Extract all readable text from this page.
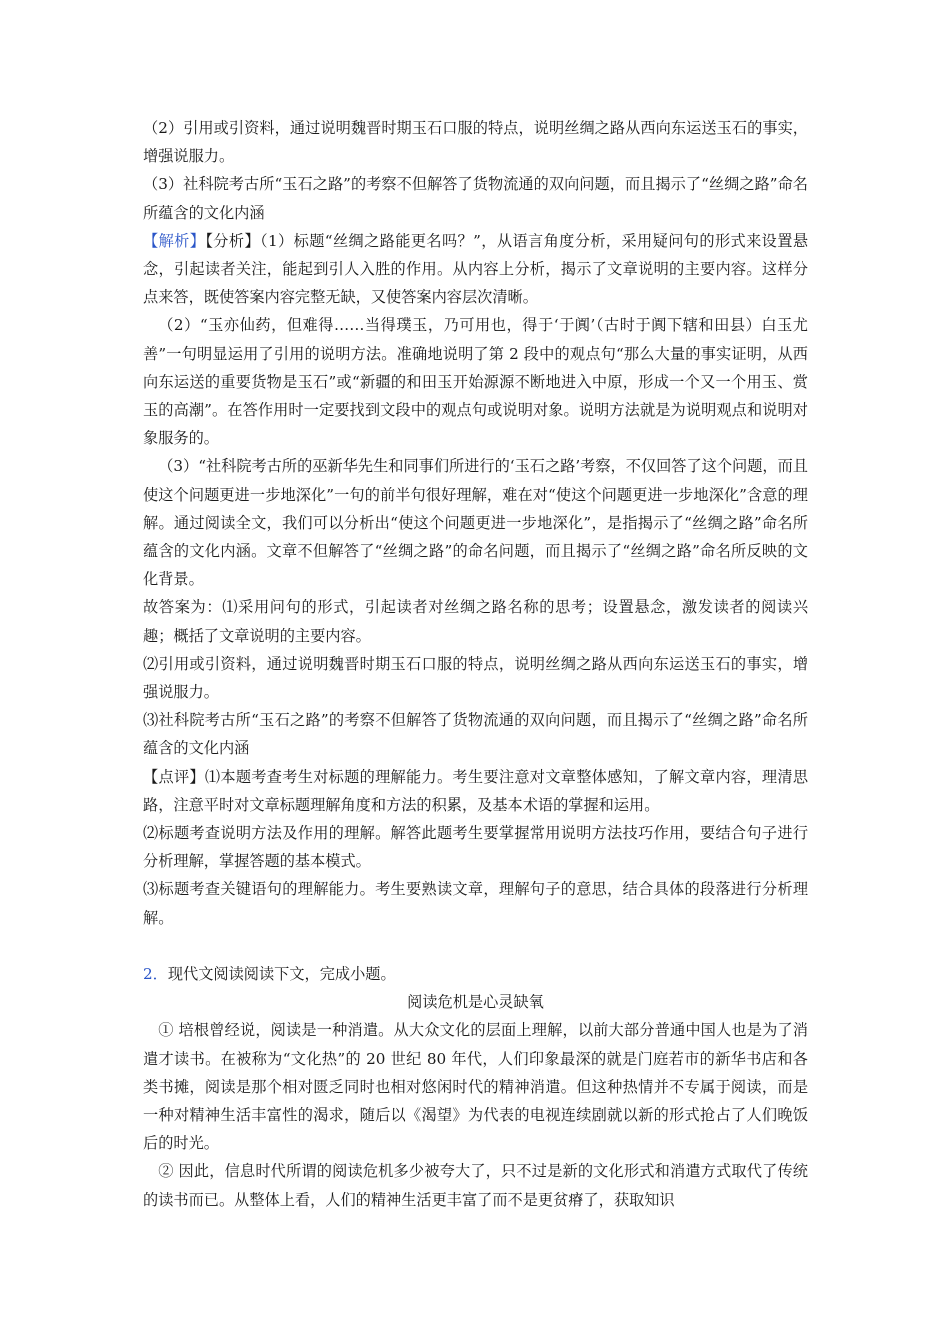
（2）引用或引资料，通过说明魏晋时期玉石口服的特点，说明丝绸之路从西向东运送玉石的事实，增强说服力。

（3）社科院考古所“玉石之路”的考察不但解答了货物流通的双向问题，而且揭示了“丝绸之路”命名所蕴含的文化内涵

【解析】【分析】（1）标题“丝绸之路能更名吗？”，从语言角度分析，采用疑问句的形式来设置悬念，引起读者关注，能起到引人入胜的作用。从内容上分析，揭示了文章说明的主要内容。这样分点来答，既使答案内容完整无缺，又使答案内容层次清晰。

（2）“玉亦仙药，但难得……当得璞玉，乃可用也，得于‘于阗’（古时于阗下辖和田县）白玉尤善”一句明显运用了引用的说明方法。准确地说明了第 2 段中的观点句“那么大量的事实证明，从西向东运送的重要货物是玉石”或“新疆的和田玉开始源源不断地进入中原，形成一个又一个用玉、赏玉的高潮”。在答作用时一定要找到文段中的观点句或说明对象。说明方法就是为说明观点和说明对象服务的。

（3）“社科院考古所的巫新华先生和同事们所进行的‘玉石之路’考察，不仅回答了这个问题，而且使这个问题更进一步地深化”一句的前半句很好理解，难在对“使这个问题更进一步地深化”含意的理解。通过阅读全文，我们可以分析出“使这个问题更进一步地深化”，是指揭示了“丝绸之路”命名所蕴含的文化内涵。文章不但解答了“丝绸之路”的命名问题，而且揭示了“丝绸之路”命名所反映的文化背景。

故答案为：⑴采用问句的形式，引起读者对丝绸之路名称的思考；设置悬念，激发读者的阅读兴趣；概括了文章说明的主要内容。

⑵引用或引资料，通过说明魏晋时期玉石口服的特点，说明丝绸之路从西向东运送玉石的事实，增强说服力。

⑶社科院考古所“玉石之路”的考察不但解答了货物流通的双向问题，而且揭示了“丝绸之路”命名所蕴含的文化内涵

【点评】⑴本题考查考生对标题的理解能力。考生要注意对文章整体感知，了解文章内容，理清思路，注意平时对文章标题理解角度和方法的积累，及基本术语的掌握和运用。

⑵标题考查说明方法及作用的理解。解答此题考生要掌握常用说明方法技巧作用，要结合句子进行分析理解，掌握答题的基本模式。

⑶标题考查关键语句的理解能力。考生要熟读文章，理解句子的意思，结合具体的段落进行分析理解。

2．现代文阅读阅读下文，完成小题。

阅读危机是心灵缺氧

① 培根曾经说，阅读是一种消遣。从大众文化的层面上理解，以前大部分普通中国人也是为了消遣才读书。在被称为“文化热”的 20 世纪 80 年代，人们印象最深的就是门庭若市的新华书店和各类书摊，阅读是那个相对匮乏同时也相对悠闲时代的精神消遣。但这种热情并不专属于阅读，而是一种对精神生活丰富性的渴求，随后以《渴望》为代表的电视连续剧就以新的形式抢占了人们晚饭后的时光。

② 因此，信息时代所谓的阅读危机多少被夸大了，只不过是新的文化形式和消遣方式取代了传统的读书而已。从整体上看，人们的精神生活更丰富了而不是更贫瘠了，获取知识
